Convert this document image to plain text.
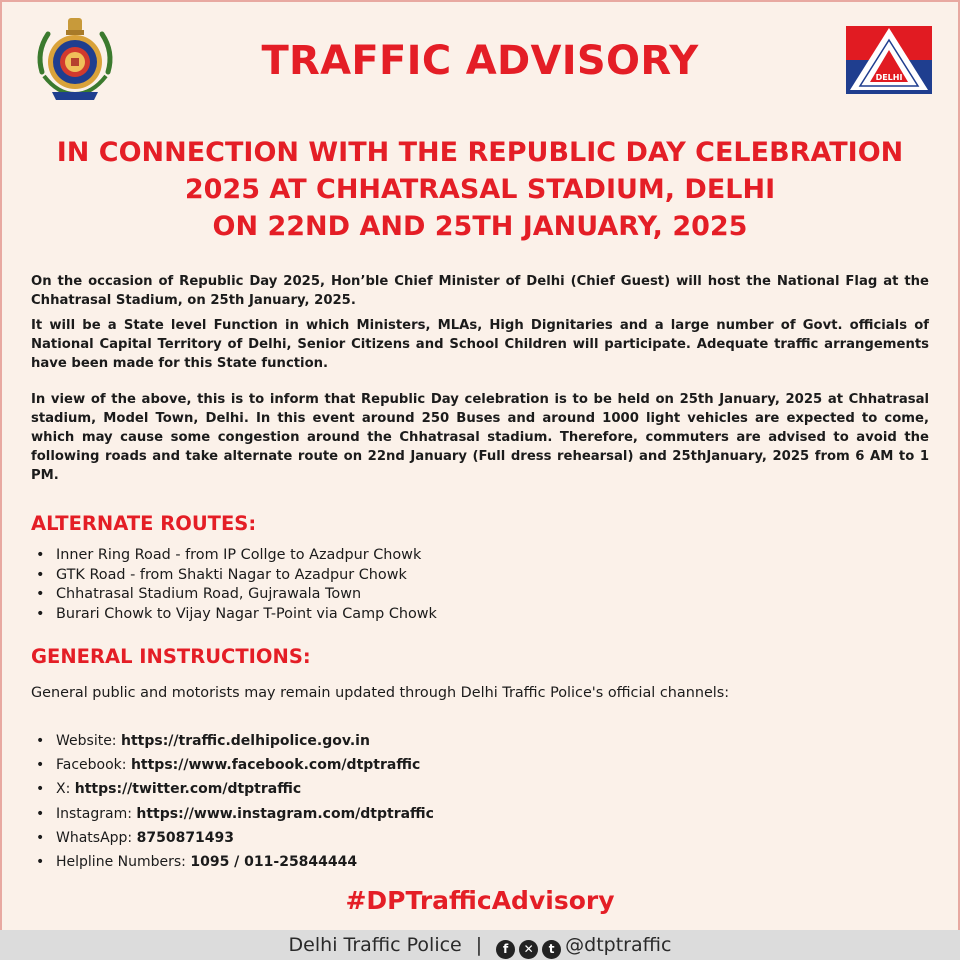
TRAFFIC ADVISORY	DELHI
IN CONNECTION WITH THE REPUBLIC DAY CELEBRATION
2025 AT CHHATRASAL STADIUM, DELHI
ON 22ND AND 25TH JANUARY, 2025

On the occasion of Republic Day 2025, Hon’ble Chief Minister of Delhi (Chief Guest) will host the National Flag at the Chhatrasal Stadium, on 25th January, 2025.

It will be a State level Function in which Ministers, MLAs, High Dignitaries and a large number of Govt. officials of National Capital Territory of Delhi, Senior Citizens and School Children will participate. Adequate traffic arrangements have been made for this State function.

In view of the above, this is to inform that Republic Day celebration is to be held on 25th January, 2025 at Chhatrasal stadium, Model Town, Delhi. In this event around 250 Buses and around 1000 light vehicles are expected to come, which may cause some congestion around the Chhatrasal stadium. Therefore, commuters are advised to avoid the following roads and take alternate route on 22nd January (Full dress rehearsal) and 25thJanuary, 2025 from 6 AM to 1 PM.

ALTERNATE ROUTES:
• Inner Ring Road - from IP Collge to Azadpur Chowk
• GTK Road - from Shakti Nagar to Azadpur Chowk
• Chhatrasal Stadium Road, Gujrawala Town
• Burari Chowk to Vijay Nagar T-Point via Camp Chowk
GENERAL INSTRUCTIONS:

General public and motorists may remain updated through Delhi Traffic Police's official channels:

• Website: https://traffic.delhipolice.gov.in
• Facebook: https://www.facebook.com/dtptraffic
• X: https://twitter.com/dtptraffic
• Instagram: https://www.instagram.com/dtptraffic
• WhatsApp: 8750871493
• Helpline Numbers: 1095 / 011-25844444
#DPTrafficAdvisory
Delhi Traffic Police | f ✕ t @dtptraffic
